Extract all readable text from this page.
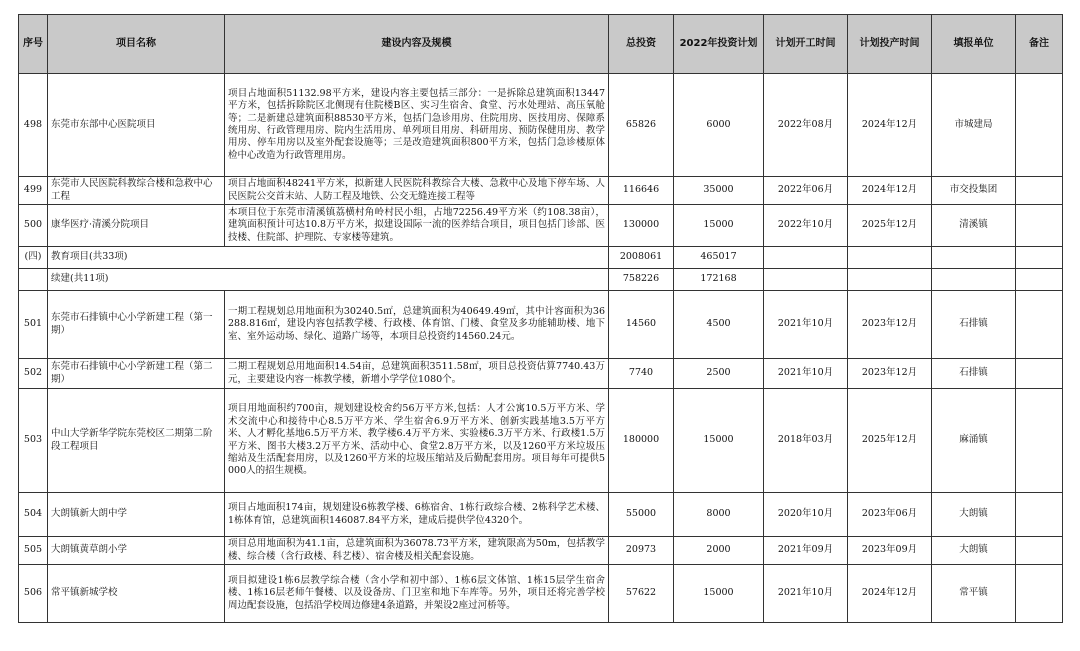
序号	项目名称	建设内容及规模	总投资	2022年投资计划	计划开工时间	计划投产时间	填报单位	备注
498	东莞市东部中心医院项目	项目占地面积51132.98平方米，建设内容主要包括三部分：一是拆除总建筑面积13447平方米，包括拆除院区北侧现有住院楼B区、实习生宿舍、食堂、污水处理站、高压氧舱等；二是新建总建筑面积88530平方米，包括门急诊用房、住院用房、医技用房、保障系统用房、行政管理用房、院内生活用房、单列项目用房、科研用房、预防保健用房、教学用房、停车用房以及室外配套设施等；三是改造建筑面积800平方米，包括门急诊楼原体检中心改造为行政管理用房。	65826	6000	2022年08月	2024年12月	市城建局	
499	东莞市人民医院科教综合楼和急救中心工程	项目占地面积48241平方米，拟新建人民医院科教综合大楼、急救中心及地下停车场、人民医院公交首末站、人防工程及地铁、公交无缝连接工程等	116646	35000	2022年06月	2024年12月	市交投集团	
500	康华医疗·清溪分院项目	本项目位于东莞市清溪镇荔横村角岭村民小组，占地72256.49平方米（约108.38亩），建筑面积预计可达10.8万平方米，拟建设国际一流的医养结合项目，项目包括门诊部、医技楼、住院部、护理院、专家楼等建筑。	130000	15000	2022年10月	2025年12月	清溪镇	
(四)	教育项目(共33项)		2008061	465017				
	续建(共11项)		758226	172168				
501	东莞市石排镇中心小学新建工程（第一期）	一期工程规划总用地面积为30240.5㎡，总建筑面积为40649.49㎡，其中计容面积为36288.816㎡，建设内容包括教学楼、行政楼、体育馆、门楼、食堂及多功能辅助楼、地下室、室外运动场、绿化、道路广场等，本项目总投资约14560.24元。	14560	4500	2021年10月	2023年12月	石排镇	
502	东莞市石排镇中心小学新建工程（第二期）	二期工程规划总用地面积14.54亩，总建筑面积3511.58㎡，项目总投资估算7740.43万元，主要建设内容一栋教学楼，新增小学学位1080个。	7740	2500	2021年10月	2023年12月	石排镇	
503	中山大学新华学院东莞校区二期第二阶段工程项目	项目用地面积约700亩，规划建设校舍约56万平方米,包括：人才公寓10.5万平方米、学术交流中心和接待中心8.5万平方米、学生宿舍6.9万平方米、创新实践基地3.5万平方米、人才孵化基地6.5万平方米、教学楼6.4万平方米、实验楼6.3万平方米、行政楼1.5万平方米、图书大楼3.2万平方米、活动中心、食堂2.8万平方米，以及1260平方米垃圾压缩站及生活配套用房，以及1260平方米的垃圾压缩站及后勤配套用房。项目每年可提供5000人的招生规模。	180000	15000	2018年03月	2025年12月	麻涌镇	
504	大朗镇新大朗中学	项目占地面积174亩，规划建设6栋教学楼、6栋宿舍、1栋行政综合楼、2栋科学艺术楼、1栋体育馆，总建筑面积146087.84平方米，建成后提供学位4320个。	55000	8000	2020年10月	2023年06月	大朗镇	
505	大朗镇黄草朗小学	项目总用地面积为41.1亩，总建筑面积为36078.73平方米，建筑限高为50m，包括教学楼、综合楼（含行政楼、科艺楼）、宿舍楼及相关配套设施。	20973	2000	2021年09月	2023年09月	大朗镇	
506	常平镇新城学校	项目拟建设1栋6层教学综合楼（含小学和初中部）、1栋6层文体馆、1栋15层学生宿舍楼、1栋16层老师午餐楼、以及设备房、门卫室和地下车库等。另外，项目还将完善学校周边配套设施，包括沿学校周边修建4条道路，并架设2座过河桥等。	57622	15000	2021年10月	2024年12月	常平镇	
